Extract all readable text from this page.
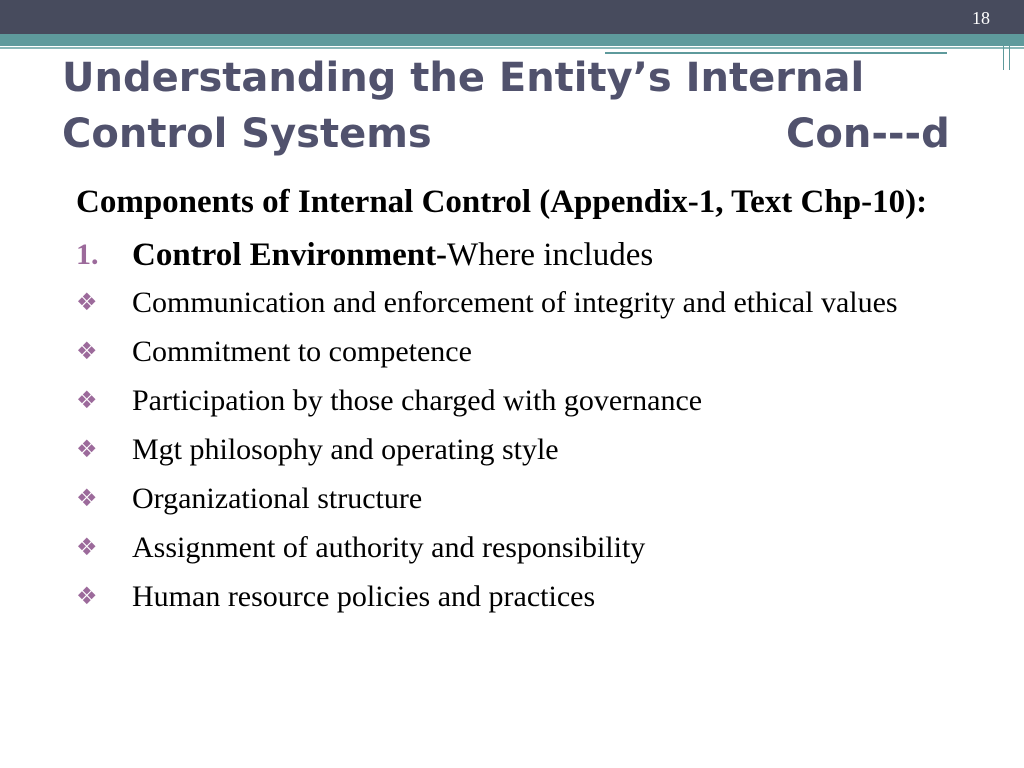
18
Understanding the Entity’s Internal
Control Systems	Con---d

Components of Internal Control (Appendix-1, Text Chp-10):

1. Control Environment-Where includes
❖ Communication and enforcement of integrity and ethical values
❖ Commitment to competence
❖ Participation by those charged with governance
❖ Mgt philosophy and operating style
❖ Organizational structure
❖ Assignment of authority and responsibility
❖ Human resource policies and practices
